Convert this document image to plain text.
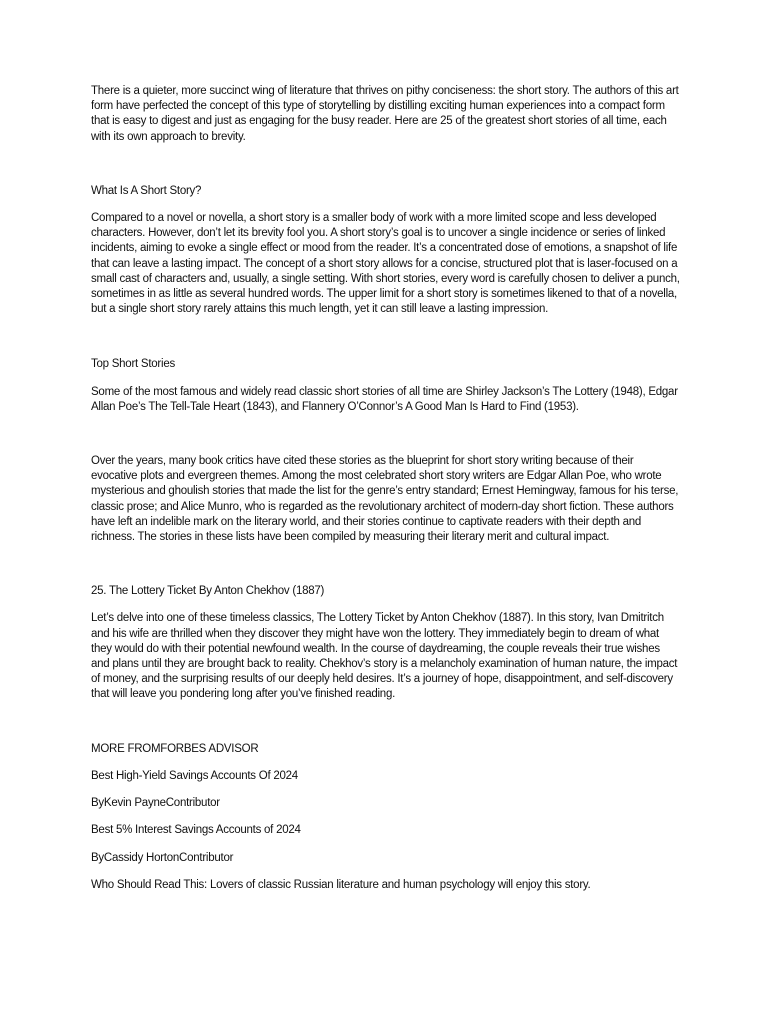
There is a quieter, more succinct wing of literature that thrives on pithy conciseness: the short story. The authors of this art form have perfected the concept of this type of storytelling by distilling exciting human experiences into a compact form that is easy to digest and just as engaging for the busy reader. Here are 25 of the greatest short stories of all time, each with its own approach to brevity.

What Is A Short Story?

Compared to a novel or novella, a short story is a smaller body of work with a more limited scope and less developed characters. However, don’t let its brevity fool you. A short story’s goal is to uncover a single incidence or series of linked incidents, aiming to evoke a single effect or mood from the reader. It’s a concentrated dose of emotions, a snapshot of life that can leave a lasting impact. The concept of a short story allows for a concise, structured plot that is laser-focused on a small cast of characters and, usually, a single setting. With short stories, every word is carefully chosen to deliver a punch, sometimes in as little as several hundred words. The upper limit for a short story is sometimes likened to that of a novella, but a single short story rarely attains this much length, yet it can still leave a lasting impression.

Top Short Stories

Some of the most famous and widely read classic short stories of all time are Shirley Jackson’s The Lottery (1948), Edgar Allan Poe’s The Tell-Tale Heart (1843), and Flannery O’Connor’s A Good Man Is Hard to Find (1953).

Over the years, many book critics have cited these stories as the blueprint for short story writing because of their evocative plots and evergreen themes. Among the most celebrated short story writers are Edgar Allan Poe, who wrote mysterious and ghoulish stories that made the list for the genre’s entry standard; Ernest Hemingway, famous for his terse, classic prose; and Alice Munro, who is regarded as the revolutionary architect of modern-day short fiction. These authors have left an indelible mark on the literary world, and their stories continue to captivate readers with their depth and richness. The stories in these lists have been compiled by measuring their literary merit and cultural impact.

25. The Lottery Ticket By Anton Chekhov (1887)

Let’s delve into one of these timeless classics, The Lottery Ticket by Anton Chekhov (1887). In this story, Ivan Dmitritch and his wife are thrilled when they discover they might have won the lottery. They immediately begin to dream of what they would do with their potential newfound wealth. In the course of daydreaming, the couple reveals their true wishes and plans until they are brought back to reality. Chekhov’s story is a melancholy examination of human nature, the impact of money, and the surprising results of our deeply held desires. It’s a journey of hope, disappointment, and self-discovery that will leave you pondering long after you’ve finished reading.

MORE FROMFORBES ADVISOR

Best High-Yield Savings Accounts Of 2024

ByKevin PayneContributor

Best 5% Interest Savings Accounts of 2024

ByCassidy HortonContributor

Who Should Read This: Lovers of classic Russian literature and human psychology will enjoy this story.
